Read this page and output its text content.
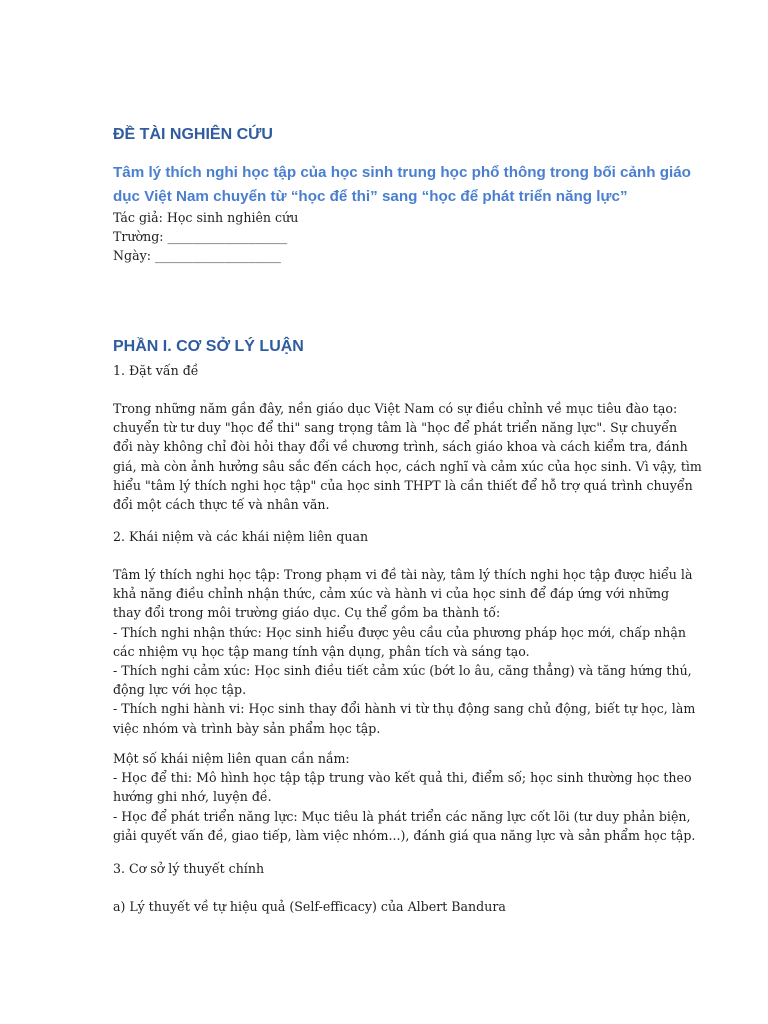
ĐỀ TÀI NGHIÊN CỨU
Tâm lý thích nghi học tập của học sinh trung học phổ thông trong bối cảnh giáo
dục Việt Nam chuyển từ “học để thi” sang “học để phát triển năng lực”
Tác giả: Học sinh nghiên cứu
Trường: ___________________
Ngày: ____________________
PHẦN I. CƠ SỞ LÝ LUẬN
1. Đặt vấn đề
Trong những năm gần đây, nền giáo dục Việt Nam có sự điều chỉnh về mục tiêu đào tạo:
chuyển từ tư duy "học để thi" sang trọng tâm là "học để phát triển năng lực". Sự chuyển
đổi này không chỉ đòi hỏi thay đổi về chương trình, sách giáo khoa và cách kiểm tra, đánh
giá, mà còn ảnh hưởng sâu sắc đến cách học, cách nghĩ và cảm xúc của học sinh. Vì vậy, tìm
hiểu "tâm lý thích nghi học tập" của học sinh THPT là cần thiết để hỗ trợ quá trình chuyển
đổi một cách thực tế và nhân văn.
2. Khái niệm và các khái niệm liên quan
Tâm lý thích nghi học tập: Trong phạm vi đề tài này, tâm lý thích nghi học tập được hiểu là
khả năng điều chỉnh nhận thức, cảm xúc và hành vi của học sinh để đáp ứng với những
thay đổi trong môi trường giáo dục. Cụ thể gồm ba thành tố:
- Thích nghi nhận thức: Học sinh hiểu được yêu cầu của phương pháp học mới, chấp nhận
các nhiệm vụ học tập mang tính vận dụng, phân tích và sáng tạo.
- Thích nghi cảm xúc: Học sinh điều tiết cảm xúc (bớt lo âu, căng thẳng) và tăng hứng thú,
động lực với học tập.
- Thích nghi hành vi: Học sinh thay đổi hành vi từ thụ động sang chủ động, biết tự học, làm
việc nhóm và trình bày sản phẩm học tập.
Một số khái niệm liên quan cần nắm:
- Học để thi: Mô hình học tập tập trung vào kết quả thi, điểm số; học sinh thường học theo
hướng ghi nhớ, luyện đề.
- Học để phát triển năng lực: Mục tiêu là phát triển các năng lực cốt lõi (tư duy phản biện,
giải quyết vấn đề, giao tiếp, làm việc nhóm...), đánh giá qua năng lực và sản phẩm học tập.
3. Cơ sở lý thuyết chính
a) Lý thuyết về tự hiệu quả (Self-efficacy) của Albert Bandura
